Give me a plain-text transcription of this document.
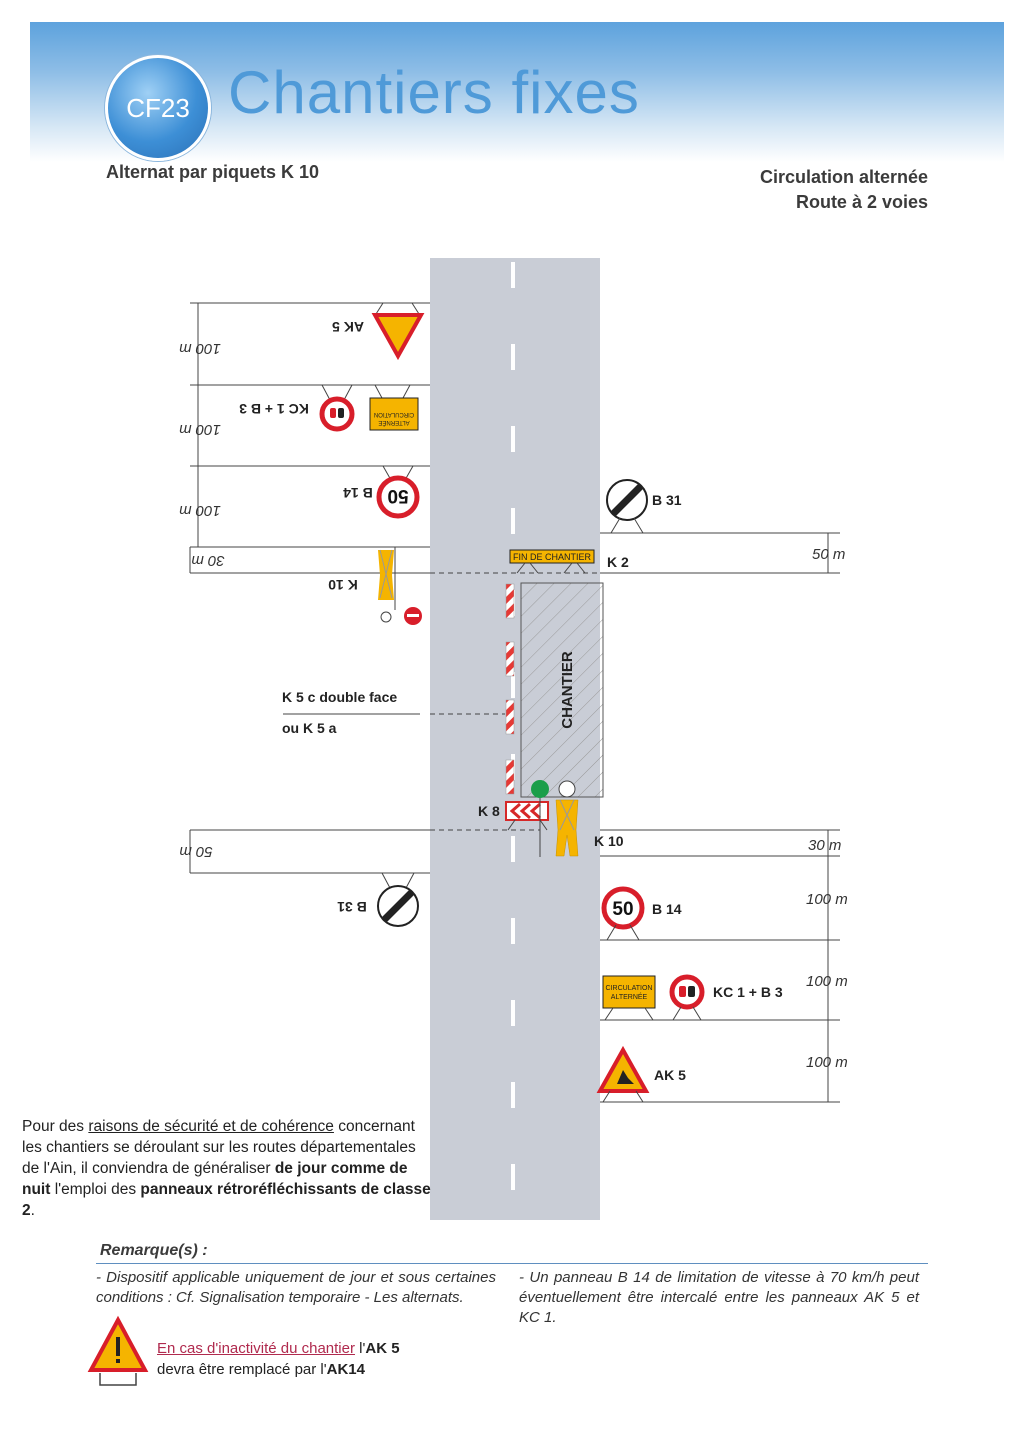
CF23 Chantiers fixes
Alternat par piquets K 10	Circulation alternée
Route à 2 voies
100 m
100 m
100 m
30 m
50 m
AK 5
CIRCULATION
ALTERNÉE
KC 1 + B 3
50
B 14
K 10
B 31
K 5 c double face
ou K 5 a	CHANTIER
FIN DE CHANTIER K 2
K 8
K 10
B 31
50 m
30 m
100 m
100 m
100 m
50 B 14
CIRCULATION
ALTERNÉE	KC 1 + B 3
AK 5
Pour des raisons de sécurité et de cohérence concernant les chantiers se déroulant sur les routes départementales de l'Ain, il conviendra de généraliser de jour comme de nuit l'emploi des panneaux rétroréfléchissants de classe 2.
Remarque(s) :
- Dispositif applicable uniquement de jour et sous certaines conditions : Cf. Signalisation temporaire - Les alternats.
- Un panneau B 14 de limitation de vitesse à 70 km/h peut éventuellement être intercalé entre les panneaux AK 5 et KC 1.
En cas d'inactivité du chantier l'AK 5
devra être remplacé par l'AK14
